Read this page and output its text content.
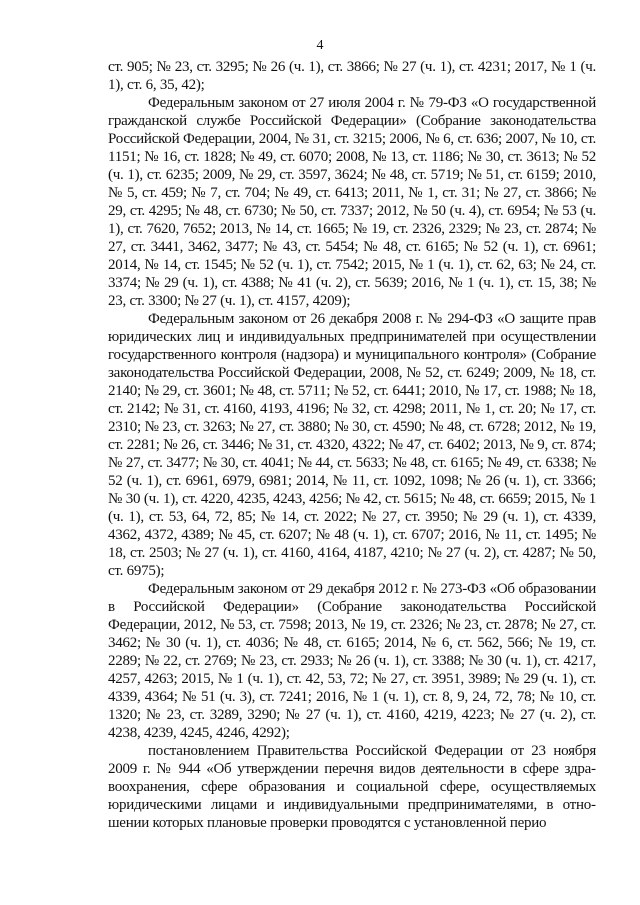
4

ст. 905; № 23, ст. 3295; № 26 (ч. 1), ст. 3866; № 27 (ч. 1), ст. 4231; 2017, № 1 (ч. 1), ст. 6, 35, 42);

Федеральным законом от 27 июля 2004 г. № 79-ФЗ «О государственной гражданской службе Российской Федерации» (Собрание законодательства Российской Федерации, 2004, № 31, ст. 3215; 2006, № 6, ст. 636; 2007, № 10, ст. 1151; № 16, ст. 1828; № 49, ст. 6070; 2008, № 13, ст. 1186; № 30, ст. 3613; № 52 (ч. 1), ст. 6235; 2009, № 29, ст. 3597, 3624; № 48, ст. 5719; № 51, ст. 6159; 2010, № 5, ст. 459; № 7, ст. 704; № 49, ст. 6413; 2011, № 1, ст. 31; № 27, ст. 3866; № 29, ст. 4295; № 48, ст. 6730; № 50, ст. 7337; 2012, № 50 (ч. 4), ст. 6954; № 53 (ч. 1), ст. 7620, 7652; 2013, № 14, ст. 1665; № 19, ст. 2326, 2329; № 23, ст. 2874; № 27, ст. 3441, 3462, 3477; № 43, ст. 5454; № 48, ст. 6165; № 52 (ч. 1), ст. 6961; 2014, № 14, ст. 1545; № 52 (ч. 1), ст. 7542; 2015, № 1 (ч. 1), ст. 62, 63; № 24, ст. 3374; № 29 (ч. 1), ст. 4388; № 41 (ч. 2), ст. 5639; 2016, № 1 (ч. 1), ст. 15, 38; № 23, ст. 3300; № 27 (ч. 1), ст. 4157, 4209);

Федеральным законом от 26 декабря 2008 г. № 294-ФЗ «О защите прав юридических лиц и индивидуальных предпринимателей при осуществлении государственного контроля (надзора) и муниципального контроля» (Собрание законодательства Российской Федерации, 2008, № 52, ст. 6249; 2009, № 18, ст. 2140; № 29, ст. 3601; № 48, ст. 5711; № 52, ст. 6441; 2010, № 17, ст. 1988; № 18, ст. 2142; № 31, ст. 4160, 4193, 4196; № 32, ст. 4298; 2011, № 1, ст. 20; № 17, ст. 2310; № 23, ст. 3263; № 27, ст. 3880; № 30, ст. 4590; № 48, ст. 6728; 2012, № 19, ст. 2281; № 26, ст. 3446; № 31, ст. 4320, 4322; № 47, ст. 6402; 2013, № 9, ст. 874; № 27, ст. 3477; № 30, ст. 4041; № 44, ст. 5633; № 48, ст. 6165; № 49, ст. 6338; № 52 (ч. 1), ст. 6961, 6979, 6981; 2014, № 11, ст. 1092, 1098; № 26 (ч. 1), ст. 3366; № 30 (ч. 1), ст. 4220, 4235, 4243, 4256; № 42, ст. 5615; № 48, ст. 6659; 2015, № 1 (ч. 1), ст. 53, 64, 72, 85; № 14, ст. 2022; № 27, ст. 3950; № 29 (ч. 1), ст. 4339, 4362, 4372, 4389; № 45, ст. 6207; № 48 (ч. 1), ст. 6707; 2016, № 11, ст. 1495; № 18, ст. 2503; № 27 (ч. 1), ст. 4160, 4164, 4187, 4210; № 27 (ч. 2), ст. 4287; № 50, ст. 6975);

Федеральным законом от 29 декабря 2012 г. № 273-ФЗ «Об образовании в Российской Федерации» (Собрание законодательства Российской Федерации, 2012, № 53, ст. 7598; 2013, № 19, ст. 2326; № 23, ст. 2878; № 27, ст. 3462; № 30 (ч. 1), ст. 4036; № 48, ст. 6165; 2014, № 6, ст. 562, 566; № 19, ст. 2289; № 22, ст. 2769; № 23, ст. 2933; № 26 (ч. 1), ст. 3388; № 30 (ч. 1), ст. 4217, 4257, 4263; 2015, № 1 (ч. 1), ст. 42, 53, 72; № 27, ст. 3951, 3989; № 29 (ч. 1), ст. 4339, 4364; № 51 (ч. 3), ст. 7241; 2016, № 1 (ч. 1), ст. 8, 9, 24, 72, 78; № 10, ст. 1320; № 23, ст. 3289, 3290; № 27 (ч. 1), ст. 4160, 4219, 4223; № 27 (ч. 2), ст. 4238, 4239, 4245, 4246, 4292);

постановлением Правительства Российской Федерации от 23 ноября 2009 г. № 944 «Об утверждении перечня видов деятельности в сфере здравоохранения, сфере образования и социальной сфере, осуществляемых юридическими лицами и индивидуальными предпринимателями, в отношении которых плановые проверки проводятся с установленной перио
